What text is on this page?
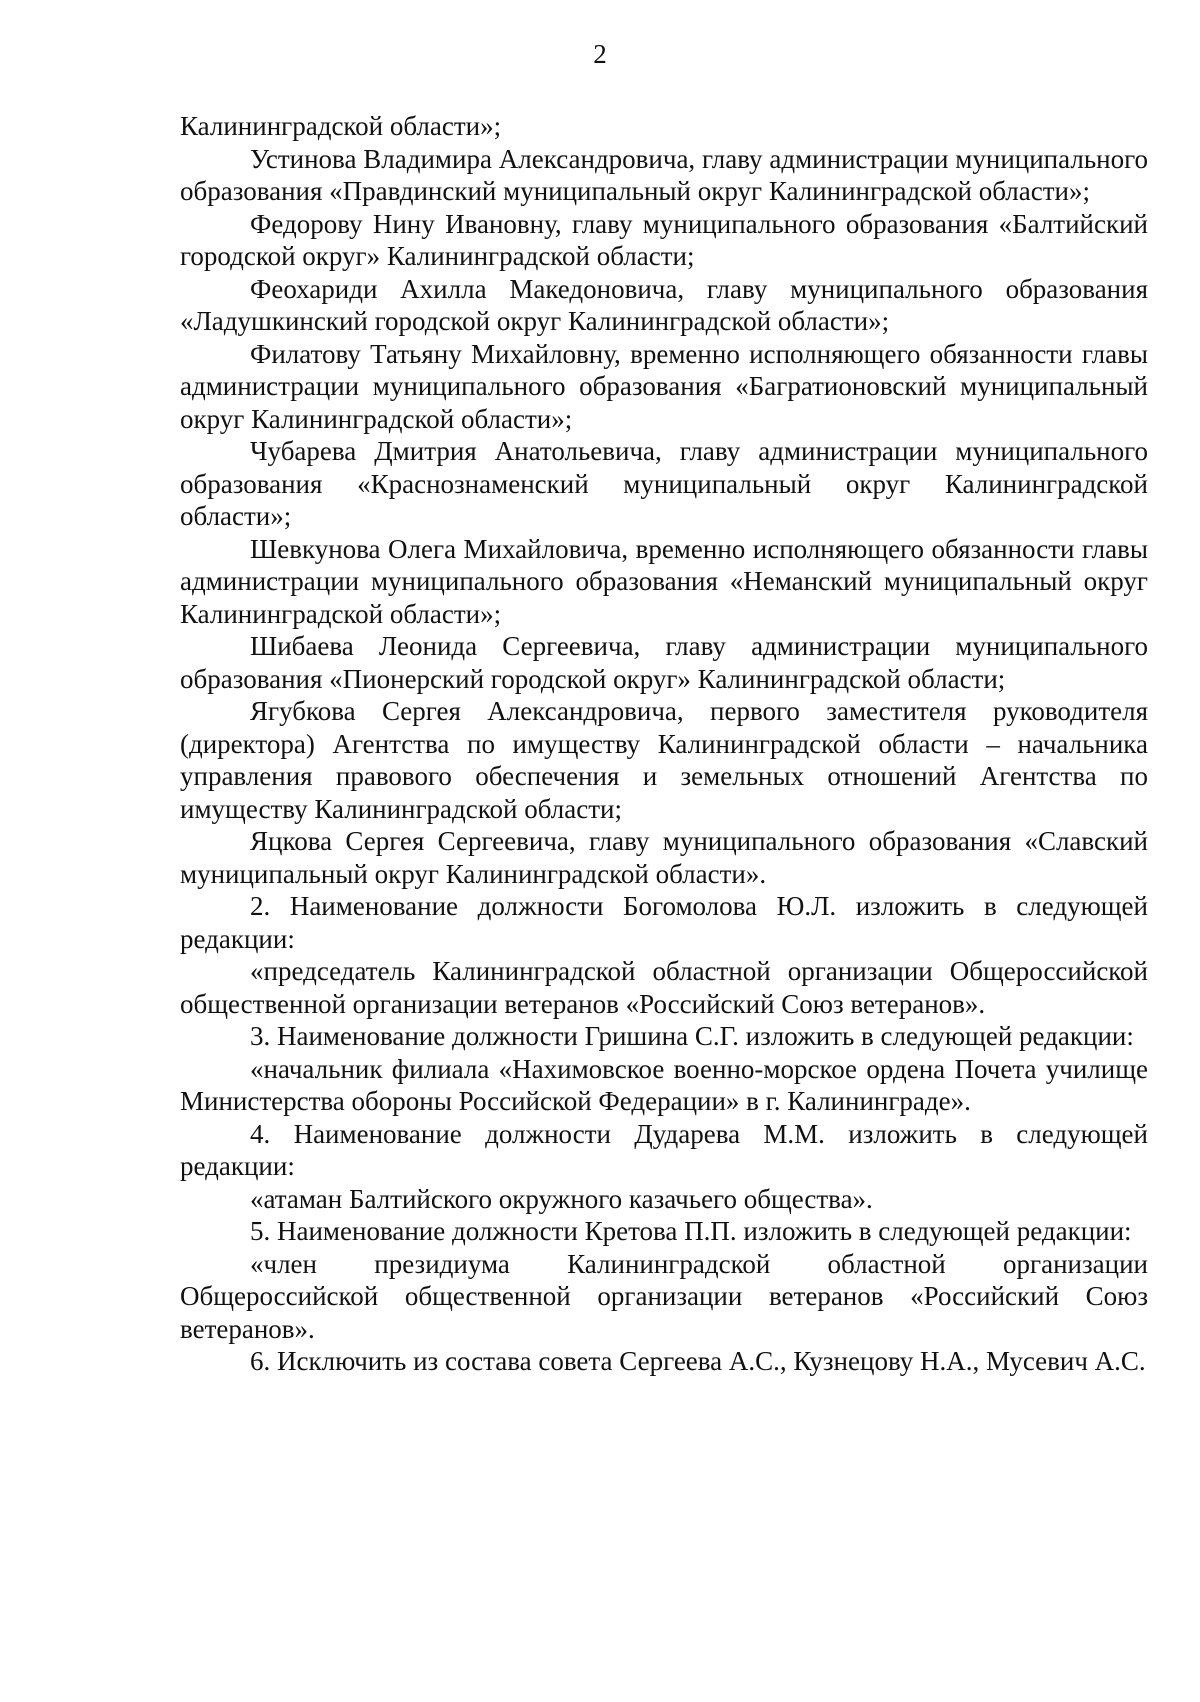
2

Калининградской области»;

Устинова Владимира Александровича, главу администрации муниципального образования «Правдинский муниципальный округ Калининградской области»;

Федорову Нину Ивановну, главу муниципального образования «Балтийский городской округ» Калининградской области;

Феохариди Ахилла Македоновича, главу муниципального образования «Ладушкинский городской округ Калининградской области»;

Филатову Татьяну Михайловну, временно исполняющего обязанности главы администрации муниципального образования «Багратионовский муниципальный округ Калининградской области»;

Чубарева Дмитрия Анатольевича, главу администрации муниципального образования «Краснознаменский муниципальный округ Калининградской области»;

Шевкунова Олега Михайловича, временно исполняющего обязанности главы администрации муниципального образования «Неманский муниципальный округ Калининградской области»;

Шибаева Леонида Сергеевича, главу администрации муниципального образования «Пионерский городской округ» Калининградской области;

Ягубкова Сергея Александровича, первого заместителя руководителя (директора) Агентства по имуществу Калининградской области – начальника управления правового обеспечения и земельных отношений Агентства по имуществу Калининградской области;

Яцкова Сергея Сергеевича, главу муниципального образования «Славский муниципальный округ Калининградской области».

2. Наименование должности Богомолова Ю.Л. изложить в следующей редакции:

«председатель Калининградской областной организации Общероссийской общественной организации ветеранов «Российский Союз ветеранов».

3. Наименование должности Гришина С.Г. изложить в следующей редакции:

«начальник филиала «Нахимовское военно-морское ордена Почета училище Министерства обороны Российской Федерации» в г. Калининграде».

4. Наименование должности Дударева М.М. изложить в следующей редакции:

«атаман Балтийского окружного казачьего общества».

5. Наименование должности Кретова П.П. изложить в следующей редакции:

«член президиума Калининградской областной организации Общероссийской общественной организации ветеранов «Российский Союз ветеранов».

6. Исключить из состава совета Сергеева А.С., Кузнецову Н.А., Мусевич А.С.
